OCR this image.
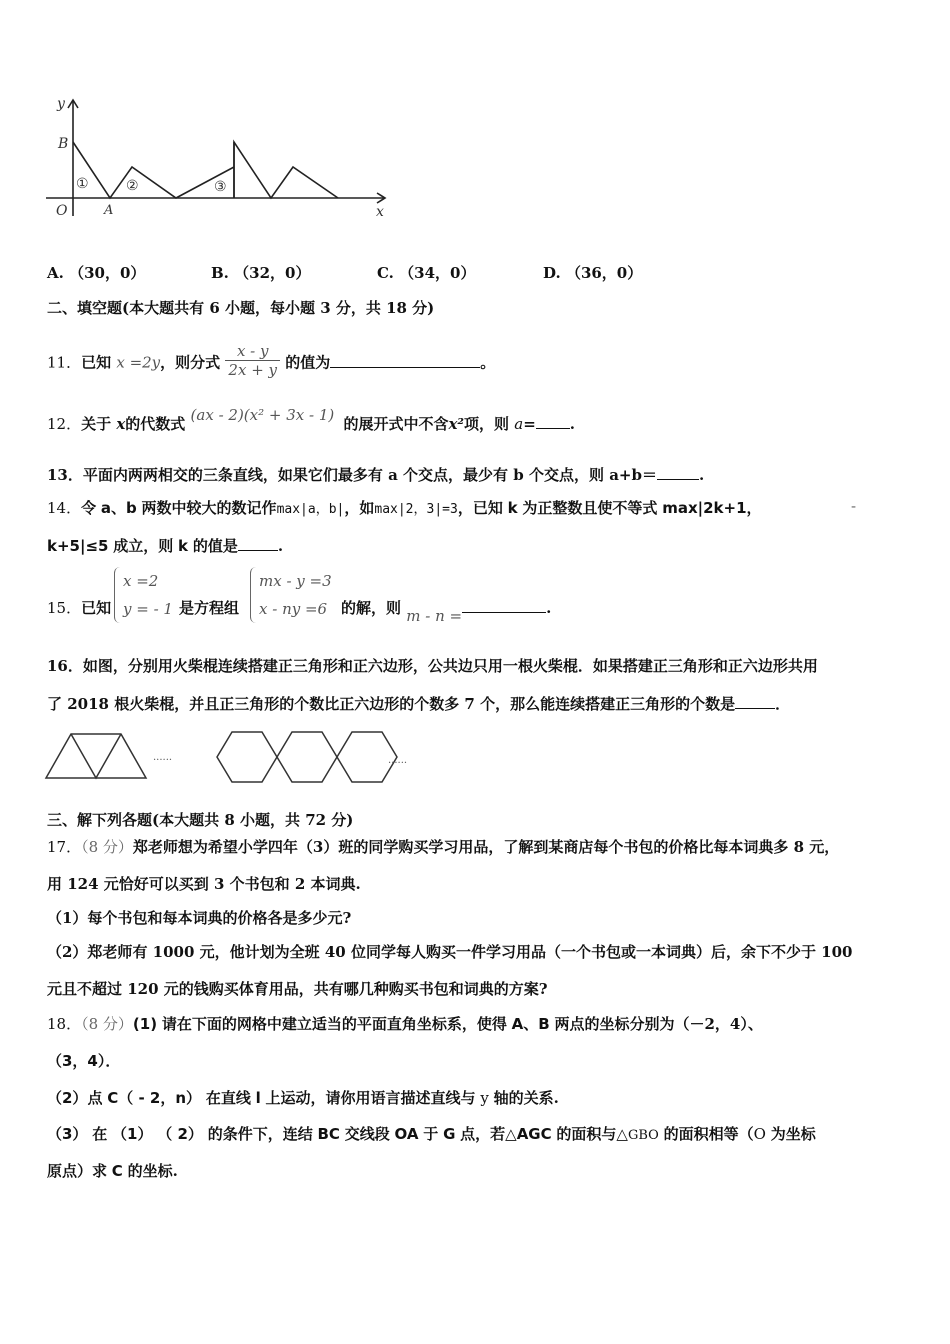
y
x
O	A
B
①	②	③
A. （30，0）	B. （32，0）	C. （34，0）	D. （36，0）
二、填空题(本大题共有 6 小题，每小题 3 分，共 18 分)
11．已知 x =2y，则分式 $\frac{x - y}{2x + y}$ 的值为	。
12．关于 x的代数式 (ax - 2)(x² + 3x - 1) 的展开式中不含x²项，则 a= .
13．平面内两两相交的三条直线，如果它们最多有 a 个交点，最少有 b 个交点，则 a+b＝	.
14．令 a、b 两数中较大的数记作max|a，b|，如max|2，3|=3，已知 k 为正整数且使不等式 max|2k+1，	-
k+5|≤5 成立，则 k 的值是	.
15．已知
x =2
y = - 1 是方程组
mx - y =3
x - ny =6 的解，则 m - n =	.
16．如图，分别用火柴棍连续搭建正三角形和正六边形，公共边只用一根火柴棍．如果搭建正三角形和正六边形共用
了 2018 根火柴棍，并且正三角形的个数比正六边形的个数多 7 个，那么能连续搭建正三角形的个数是	．
......	......
三、解下列各题(本大题共 8 小题，共 72 分)
17．（8 分）郑老师想为希望小学四年（3）班的同学购买学习用品，了解到某商店每个书包的价格比每本词典多 8 元，
用 124 元恰好可以买到 3 个书包和 2 本词典.
（1）每个书包和每本词典的价格各是多少元?
（2）郑老师有 1000 元，他计划为全班 40 位同学每人购买一件学习用品（一个书包或一本词典）后，余下不少于 100
元且不超过 120 元的钱购买体育用品，共有哪几种购买书包和词典的方案?
18．（8 分）(1) 请在下面的网格中建立适当的平面直角坐标系，使得 A、B 两点的坐标分别为（－2，4）、
（3，4）．
（2）点 C（ - 2，n） 在直线 l 上运动，请你用语言描述直线与 y 轴的关系.
（3） 在 （1） （ 2） 的条件下，连结 BC 交线段 OA 于 G 点，若△AGC 的面积与△GBO 的面积相等（O 为坐标
原点）求 C 的坐标.
